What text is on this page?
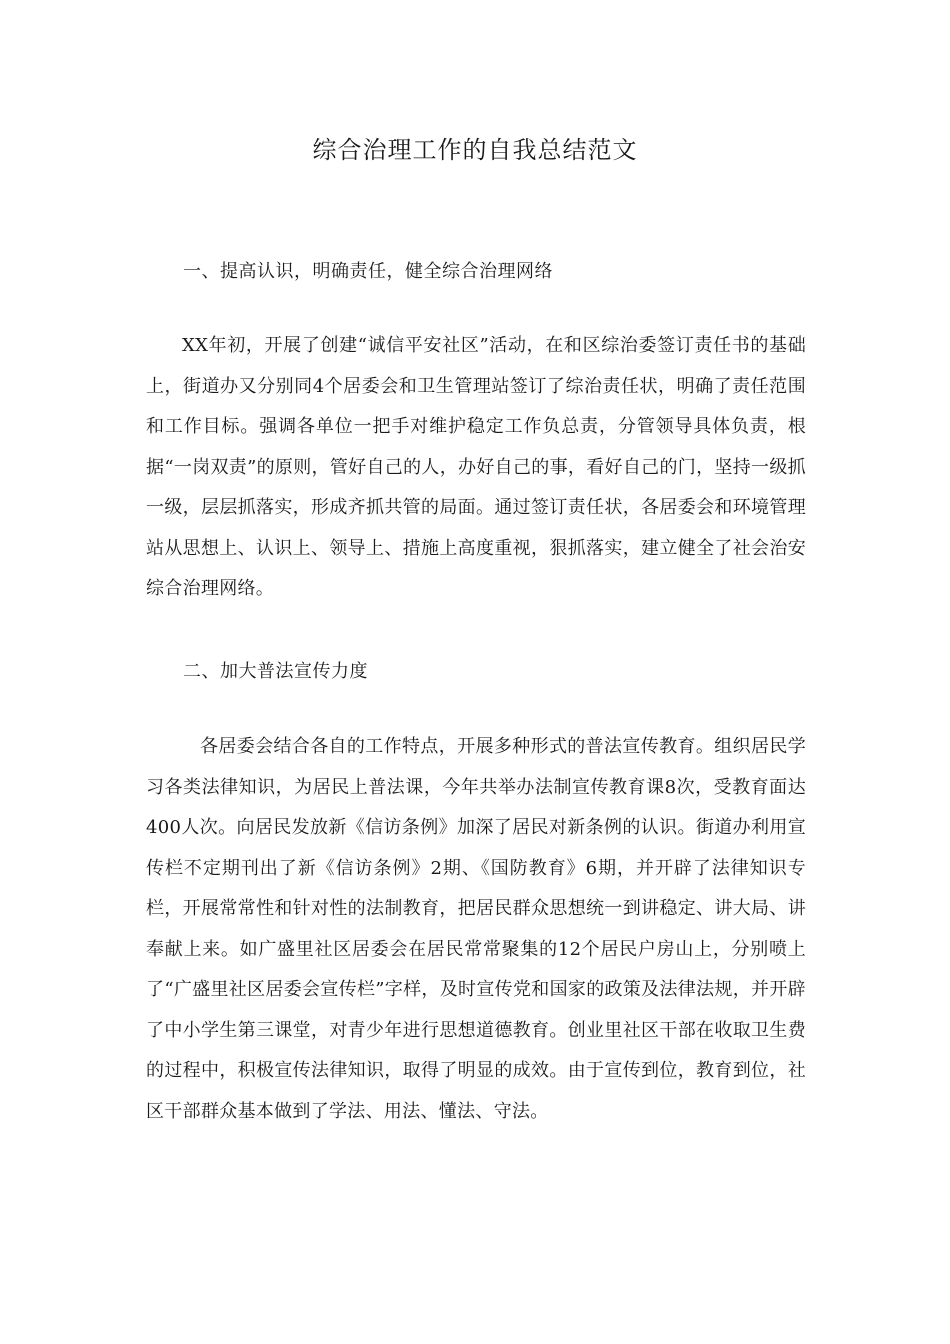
综合治理工作的自我总结范文
一、提高认识，明确责任，健全综合治理网络

XX年初，开展了创建“诚信平安社区”活动，在和区综治委签订责任书的基础上，街道办又分别同4个居委会和卫生管理站签订了综治责任状，明确了责任范围和工作目标。强调各单位一把手对维护稳定工作负总责，分管领导具体负责，根据“一岗双责”的原则，管好自己的人，办好自己的事，看好自己的门，坚持一级抓一级，层层抓落实，形成齐抓共管的局面。通过签订责任状，各居委会和环境管理站从思想上、认识上、领导上、措施上高度重视，狠抓落实，建立健全了社会治安综合治理网络。

二、加大普法宣传力度

各居委会结合各自的工作特点，开展多种形式的普法宣传教育。组织居民学习各类法律知识，为居民上普法课，今年共举办法制宣传教育课8次，受教育面达400人次。向居民发放新《信访条例》加深了居民对新条例的认识。街道办利用宣传栏不定期刊出了新《信访条例》2期、《国防教育》6期，并开辟了法律知识专栏，开展常常性和针对性的法制教育，把居民群众思想统一到讲稳定、讲大局、讲奉献上来。如广盛里社区居委会在居民常常聚集的12个居民户房山上，分别喷上了“广盛里社区居委会宣传栏”字样，及时宣传党和国家的政策及法律法规，并开辟了中小学生第三课堂，对青少年进行思想道德教育。创业里社区干部在收取卫生费的过程中，积极宣传法律知识，取得了明显的成效。由于宣传到位，教育到位，社区干部群众基本做到了学法、用法、懂法、守法。
